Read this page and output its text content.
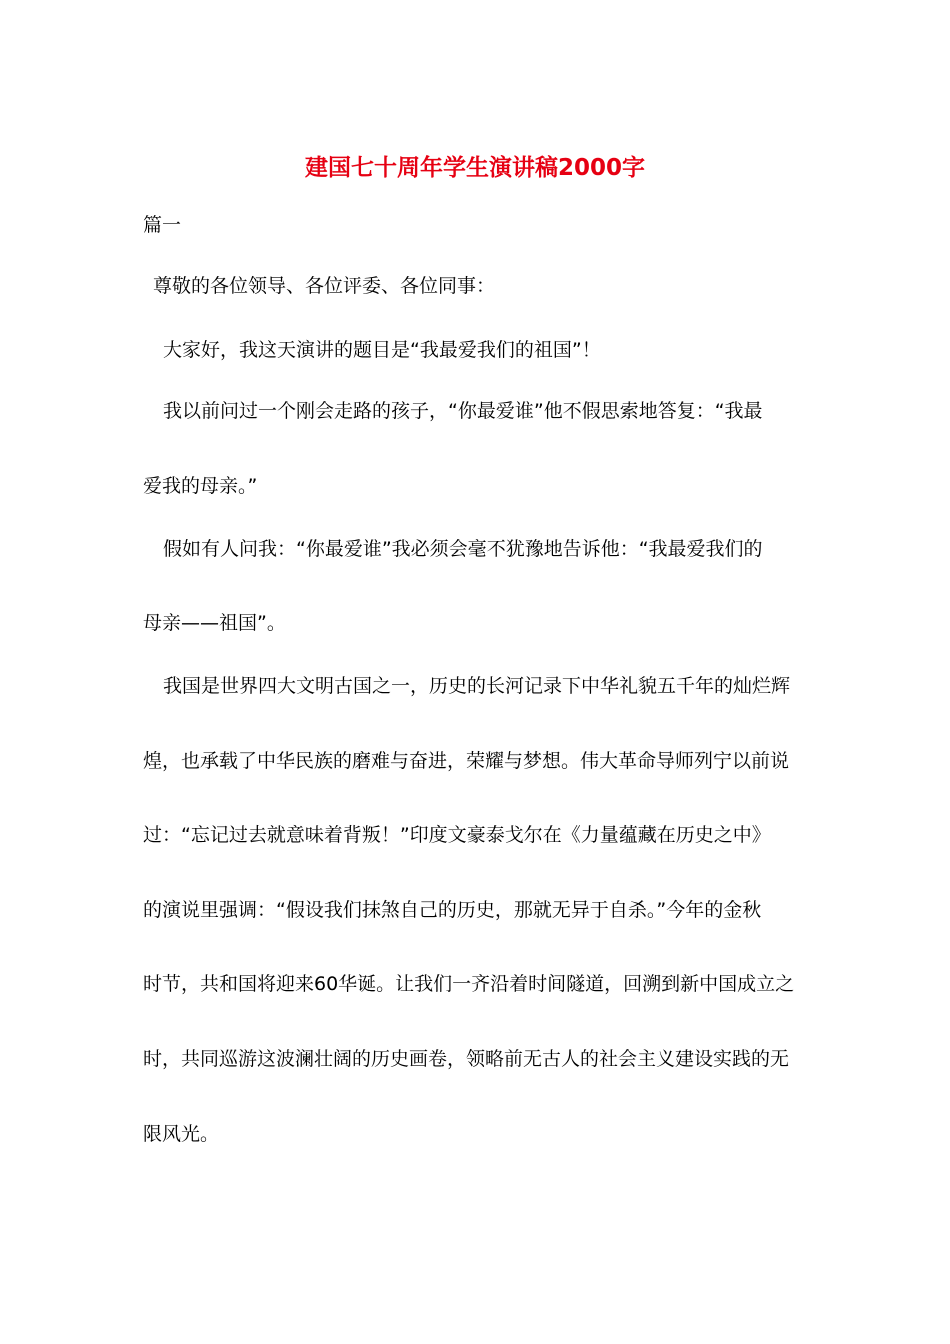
建国七十周年学生演讲稿2000字
篇一
尊敬的各位领导、各位评委、各位同事：
大家好，我这天演讲的题目是“我最爱我们的祖国”！
我以前问过一个刚会走路的孩子，“你最爱谁”他不假思索地答复：“我最
爱我的母亲。”
假如有人问我：“你最爱谁”我必须会毫不犹豫地告诉他：“我最爱我们的
母亲——祖国”。
我国是世界四大文明古国之一，历史的长河记录下中华礼貌五千年的灿烂辉
煌，也承载了中华民族的磨难与奋进，荣耀与梦想。伟大革命导师列宁以前说
过：“忘记过去就意味着背叛！”印度文豪泰戈尔在《力量蕴藏在历史之中》
的演说里强调：“假设我们抹煞自己的历史，那就无异于自杀。”今年的金秋
时节，共和国将迎来60华诞。让我们一齐沿着时间隧道，回溯到新中国成立之
时，共同巡游这波澜壮阔的历史画卷，领略前无古人的社会主义建设实践的无
限风光。
